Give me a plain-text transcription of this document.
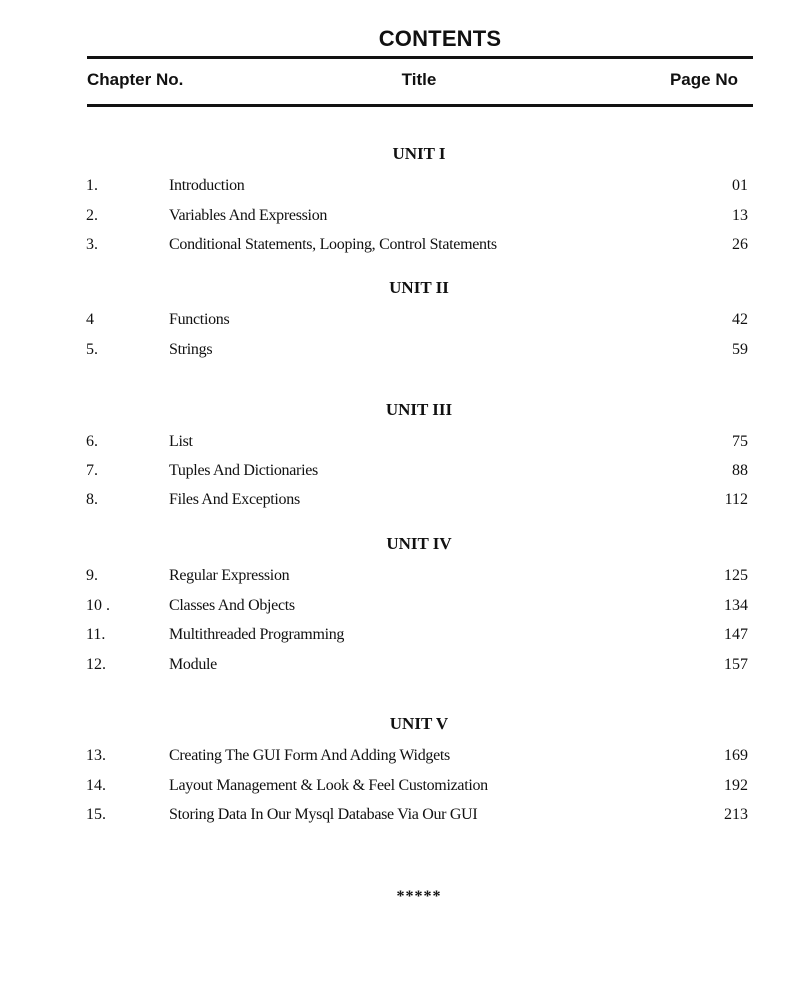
CONTENTS
Chapter No.	Title	Page No
UNIT I
1.	Introduction	01
2.	Variables And Expression	13
3.	Conditional Statements, Looping, Control Statements	26
UNIT II
4	Functions	42
5.	Strings	59
UNIT III
6.	List	75
7.	Tuples And Dictionaries	88
8.	Files And Exceptions	112
UNIT IV
9.	Regular Expression	125
10 .	Classes And Objects	134
11.	Multithreaded Programming	147
12.	Module	157
UNIT V
13.	Creating The GUI Form And Adding Widgets	169
14.	Layout Management & Look & Feel Customization	192
15.	Storing Data In Our Mysql Database Via Our GUI	213
*****
